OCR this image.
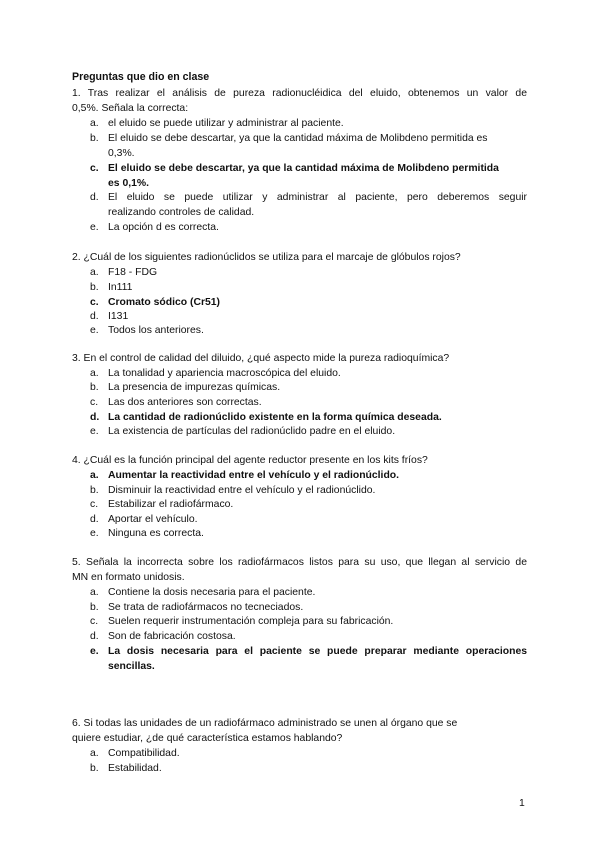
Preguntas que dio en clase
1. Tras realizar el análisis de pureza radionucléidica del eluido, obtenemos un valor de
0,5%. Señala la correcta:
a. el eluido se puede utilizar y administrar al paciente.
b. El eluido se debe descartar, ya que la cantidad máxima de Molibdeno permitida es
0,3%.
c. El eluido se debe descartar, ya que la cantidad máxima de Molibdeno permitida
es 0,1%.
d. El eluido se puede utilizar y administrar al paciente, pero deberemos seguir
realizando controles de calidad.
e. La opción d es correcta.
2. ¿Cuál de los siguientes radionúclidos se utiliza para el marcaje de glóbulos rojos?
a. F18 - FDG
b. In111
c. Cromato sódico (Cr51)
d. I131
e. Todos los anteriores.
3. En el control de calidad del diluido, ¿qué aspecto mide la pureza radioquímica?
a. La tonalidad y apariencia macroscópica del eluido.
b. La presencia de impurezas químicas.
c. Las dos anteriores son correctas.
d. La cantidad de radionúclido existente en la forma química deseada.
e. La existencia de partículas del radionúclido padre en el eluido.
4. ¿Cuál es la función principal del agente reductor presente en los kits fríos?
a. Aumentar la reactividad entre el vehículo y el radionúclido.
b. Disminuir la reactividad entre el vehículo y el radionúclido.
c. Estabilizar el radiofármaco.
d. Aportar el vehículo.
e. Ninguna es correcta.
5. Señala la incorrecta sobre los radiofármacos listos para su uso, que llegan al servicio de
MN en formato unidosis.
a. Contiene la dosis necesaria para el paciente.
b. Se trata de radiofármacos no tecneciados.
c. Suelen requerir instrumentación compleja para su fabricación.
d. Son de fabricación costosa.
e. La dosis necesaria para el paciente se puede preparar mediante operaciones
sencillas.
6. Si todas las unidades de un radiofármaco administrado se unen al órgano que se
quiere estudiar, ¿de qué característica estamos hablando?
a. Compatibilidad.
b. Estabilidad.
1
